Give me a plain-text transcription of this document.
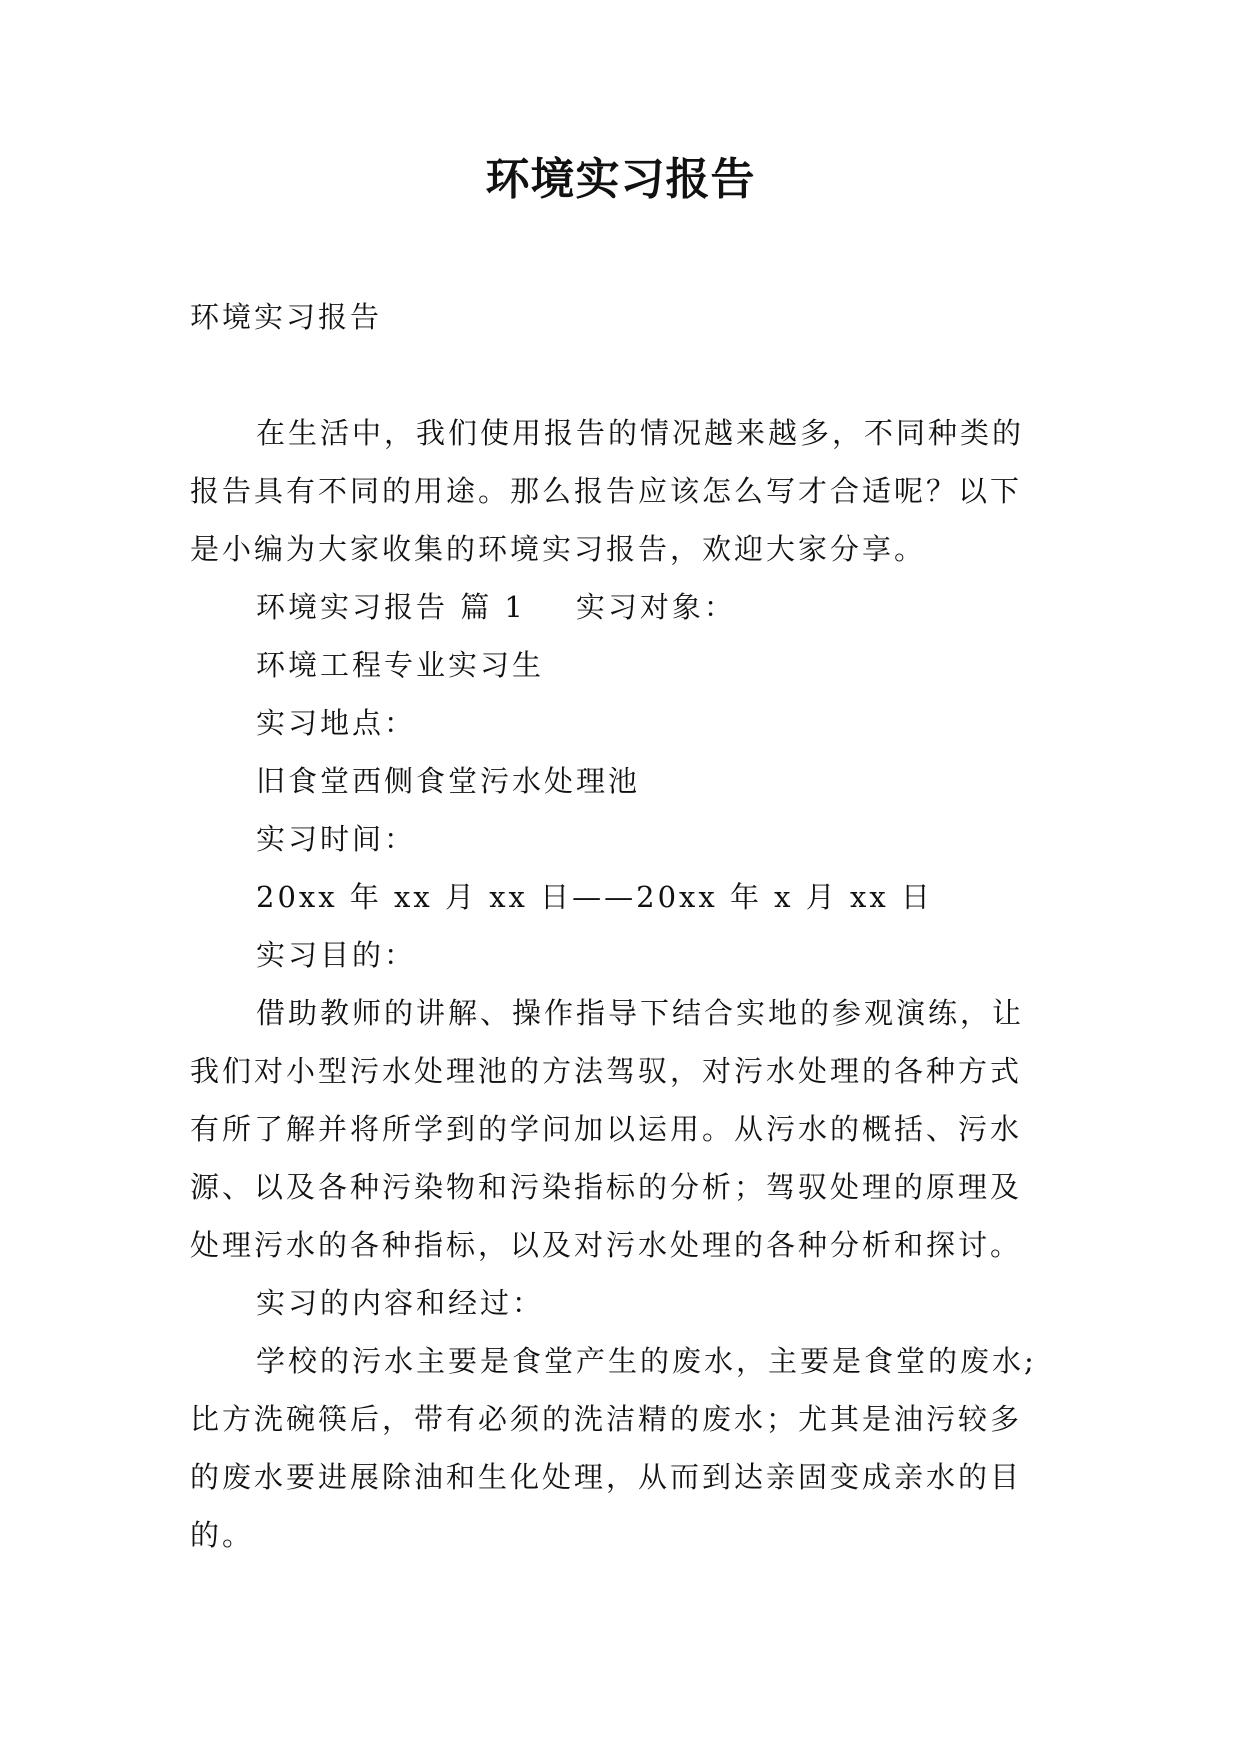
环境实习报告
环境实习报告
在生活中，我们使用报告的情况越来越多，不同种类的
报告具有不同的用途。那么报告应该怎么写才合适呢？以下
是小编为大家收集的环境实习报告，欢迎大家分享。
环境实习报告 篇 1 实习对象：
环境工程专业实习生
实习地点：
旧食堂西侧食堂污水处理池
实习时间：
20xx 年 xx 月 xx 日——20xx 年 x 月 xx 日
实习目的：
借助教师的讲解、操作指导下结合实地的参观演练，让
我们对小型污水处理池的方法驾驭，对污水处理的各种方式
有所了解并将所学到的学问加以运用。从污水的概括、污水
源、以及各种污染物和污染指标的分析；驾驭处理的原理及
处理污水的各种指标，以及对污水处理的各种分析和探讨。
实习的内容和经过：
学校的污水主要是食堂产生的废水，主要是食堂的废水;
比方洗碗筷后，带有必须的洗洁精的废水；尤其是油污较多
的废水要进展除油和生化处理，从而到达亲固变成亲水的目
的。
